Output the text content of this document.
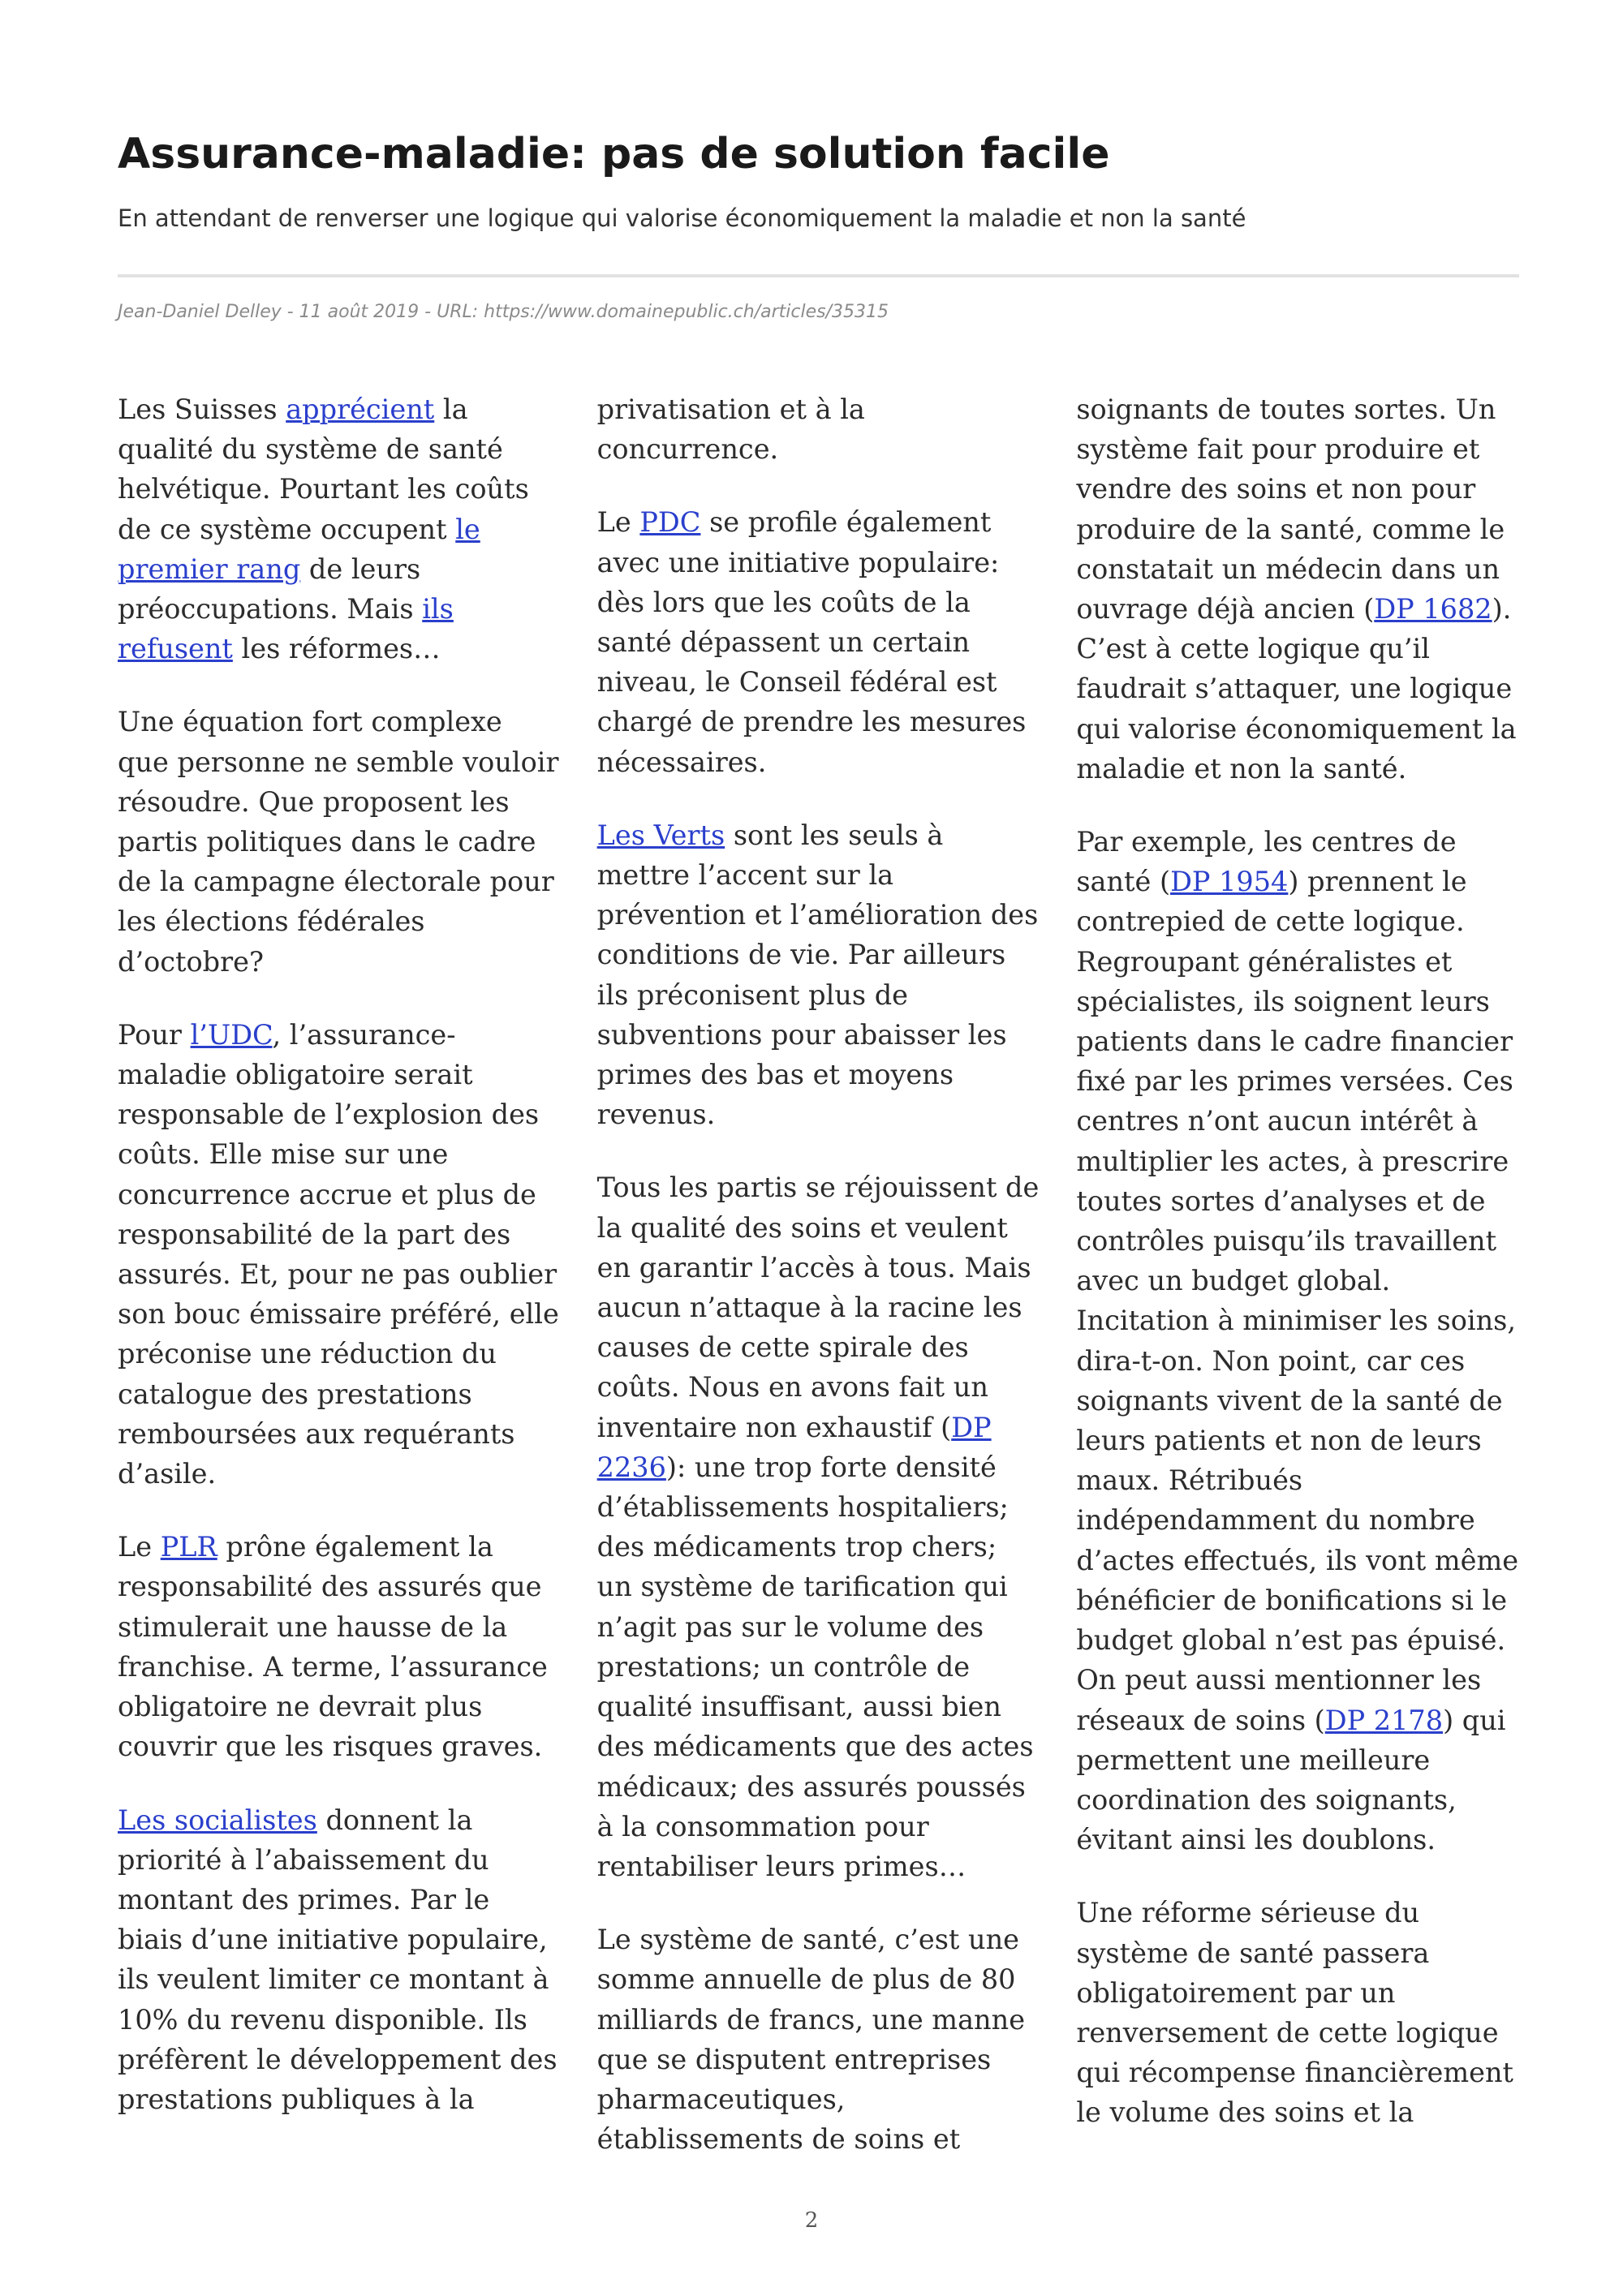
Assurance-maladie: pas de solution facile

En attendant de renverser une logique qui valorise économiquement la maladie et non la santé

Jean-Daniel Delley - 11 août 2019 - URL: https://www.domainepublic.ch/articles/35315

Les Suisses apprécient la qualité du système de santé helvétique. Pourtant les coûts de ce système occupent le premier rang de leurs préoccupations. Mais ils refusent les réformes…

Une équation fort complexe que personne ne semble vouloir résoudre. Que proposent les partis politiques dans le cadre de la campagne électorale pour les élections fédérales d’octobre?

Pour l’UDC, l’assurance-maladie obligatoire serait responsable de l’explosion des coûts. Elle mise sur une concurrence accrue et plus de responsabilité de la part des assurés. Et, pour ne pas oublier son bouc émissaire préféré, elle préconise une réduction du catalogue des prestations remboursées aux requérants d’asile.

Le PLR prône également la responsabilité des assurés que stimulerait une hausse de la franchise. A terme, l’assurance obligatoire ne devrait plus couvrir que les risques graves.

Les socialistes donnent la priorité à l’abaissement du montant des primes. Par le biais d’une initiative populaire, ils veulent limiter ce montant à 10% du revenu disponible. Ils préfèrent le développement des prestations publiques à la privatisation et à la concurrence.

Le PDC se profile également avec une initiative populaire: dès lors que les coûts de la santé dépassent un certain niveau, le Conseil fédéral est chargé de prendre les mesures nécessaires.

Les Verts sont les seuls à mettre l’accent sur la prévention et l’amélioration des conditions de vie. Par ailleurs ils préconisent plus de subventions pour abaisser les primes des bas et moyens revenus.

Tous les partis se réjouissent de la qualité des soins et veulent en garantir l’accès à tous. Mais aucun n’attaque à la racine les causes de cette spirale des coûts. Nous en avons fait un inventaire non exhaustif (DP 2236): une trop forte densité d’établissements hospitaliers; des médicaments trop chers; un système de tarification qui n’agit pas sur le volume des prestations; un contrôle de qualité insuffisant, aussi bien des médicaments que des actes médicaux; des assurés poussés à la consommation pour rentabiliser leurs primes…

Le système de santé, c’est une somme annuelle de plus de 80 milliards de francs, une manne que se disputent entreprises pharmaceutiques, établissements de soins et soignants de toutes sortes. Un système fait pour produire et vendre des soins et non pour produire de la santé, comme le constatait un médecin dans un ouvrage déjà ancien (DP 1682). C’est à cette logique qu’il faudrait s’attaquer, une logique qui valorise économiquement la maladie et non la santé.

Par exemple, les centres de santé (DP 1954) prennent le contrepied de cette logique. Regroupant généralistes et spécialistes, ils soignent leurs patients dans le cadre financier fixé par les primes versées. Ces centres n’ont aucun intérêt à multiplier les actes, à prescrire toutes sortes d’analyses et de contrôles puisqu’ils travaillent avec un budget global. Incitation à minimiser les soins, dira-t-on. Non point, car ces soignants vivent de la santé de leurs patients et non de leurs maux. Rétribués indépendamment du nombre d’actes effectués, ils vont même bénéficier de bonifications si le budget global n’est pas épuisé. On peut aussi mentionner les réseaux de soins (DP 2178) qui permettent une meilleure coordination des soignants, évitant ainsi les doublons.

Une réforme sérieuse du système de santé passera obligatoirement par un renversement de cette logique qui récompense financièrement le volume des soins et la

2
